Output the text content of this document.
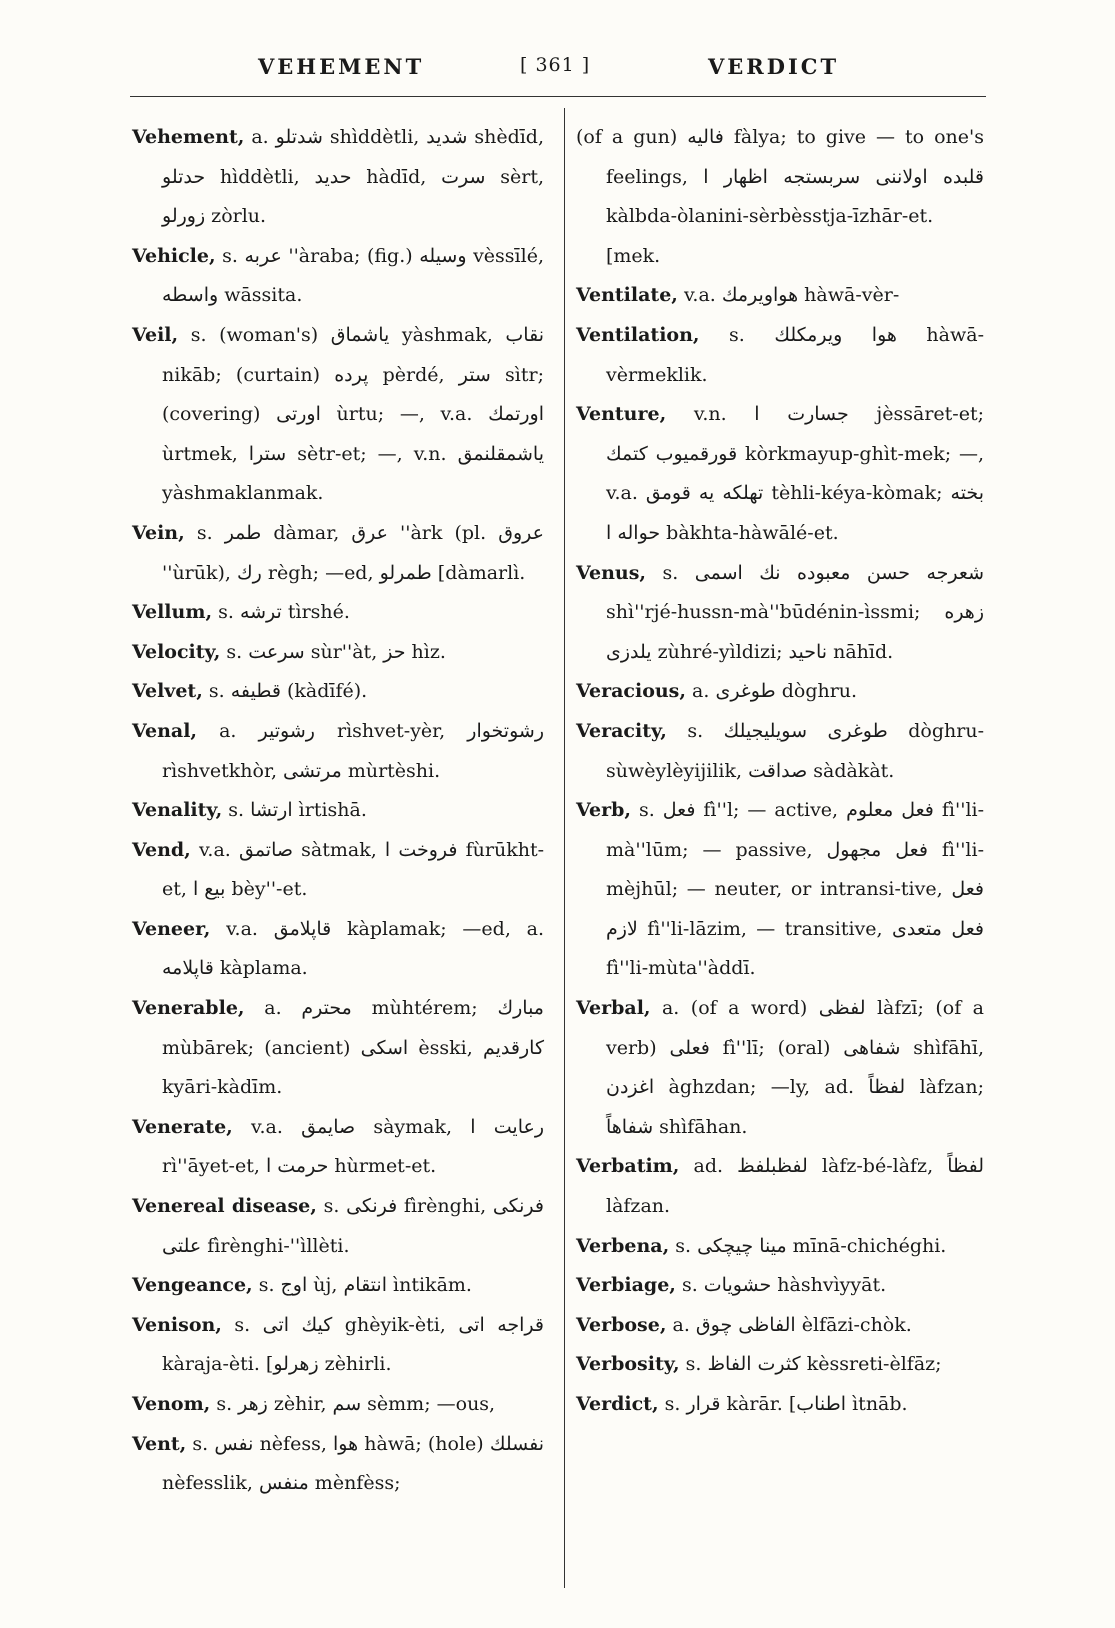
VEHEMENT	[ 361 ]	VERDICT

Vehement, a. شدتلو shìddètli, شدید shèdīd, حدتلو hìddètli, حدید hàdīd, سرت sèrt, زورلو zòrlu.

Vehicle, s. عربه ''àraba; (fig.) وسیله vèssīlé, واسطه wāssita.

Veil, s. (woman's) یاشماق yàshmak, نقاب nikāb; (curtain) پرده pèrdé, ستر sìtr; (covering) اورتی ùrtu; —, v.a. اورتمك ùrtmek, سترا sètr-et; —, v.n. یاشمقلنمق yàshmaklanmak.

Vein, s. طمر dàmar, عرق ''àrk (pl. عروق ''ùrūk), رك règh; —ed, طمرلو [dàmarlì.

Vellum, s. ترشه tìrshé.

Velocity, s. سرعت sùr''àt, حز hìz.

Velvet, s. قطیفه (kàdīfé).

Venal, a. رشوتیر rìshvet-yèr, رشوتخوار rìshvetkhòr, مرتشی mùrtèshi.

Venality, s. ارتشا ìrtishā.

Vend, v.a. صاتمق sàtmak, فروخت ا fùrūkht-et, بیع ا bèy''-et.

Veneer, v.a. قاپلامق kàplamak; —ed, a. قاپلامه kàplama.

Venerable, a. محترم mùhtérem; مبارك mùbārek; (ancient) اسکی èsski, کارقدیم kyāri-kàdīm.

Venerate, v.a. صایمق sàymak, رعایت ا rì''āyet-et, حرمت ا hùrmet-et.

Venereal disease, s. فرنکی fìrènghi, فرنکی علتی fìrènghi-''ìllèti.

Vengeance, s. اوج ùj, انتقام ìntikām.

Venison, s. کیك اتی ghèyik-èti, قراجه اتی kàraja-èti. [زهرلو zèhirli.

Venom, s. زهر zèhir, سم sèmm; —ous,

Vent, s. نفس nèfess, هوا hàwā; (hole) نفسلك nèfesslik, منفس mènfèss;

(of a gun) فالیه fàlya; to give — to one's feelings, قلبده اولاننی سربستجه اظهار ا kàlbda-òlanini-sèrbèsstja-īzhār-et. [mek.

Ventilate, v.a. هواویرمك hàwā-vèr-

Ventilation, s. هوا ویرمکلك hàwā-vèrmeklik.

Venture, v.n. جسارت ا jèssāret-et; قورقمیوب کتمك kòrkmayup-ghìt-mek; —, v.a. تهلکه یه قومق tèhli-kéya-kòmak; بخته حواله ا bàkhta-hàwālé-et.

Venus, s. شعرجه حسن معبوده نك اسمی shì''rjé-hussn-mà''būdénin-ìssmi; زهره یلدزی zùhré-yìldizi; ناحید nāhīd.

Veracious, a. طوغری dòghru.

Veracity, s. طوغری سویلیجیلك dòghru-sùwèylèyijilik, صداقت sàdàkàt.

Verb, s. فعل fì''l; — active, فعل معلوم fì''li-mà''lūm; — passive, فعل مجهول fì''li-mèjhūl; — neuter, or intransi-tive, فعل لازم fì''li-lāzim, — transitive, فعل متعدی fì''li-mùta''àddī.

Verbal, a. (of a word) لفظی làfzī; (of a verb) فعلی fì''lī; (oral) شفاهی shìfāhī, اغزدن àghzdan; —ly, ad. لفظاً làfzan; شفاهاً shìfāhan.

Verbatim, ad. لفظبلفظ làfz-bé-làfz, لفظاً làfzan.

Verbena, s. مینا چیچکی mīnā-chichéghi.

Verbiage, s. حشویات hàshvìyyāt.

Verbose, a. الفاظی چوق èlfāzi-chòk.

Verbosity, s. کثرت الفاظ kèssreti-èlfāz;

Verdict, s. قرار kàrār. [اطناب ìtnāb.
